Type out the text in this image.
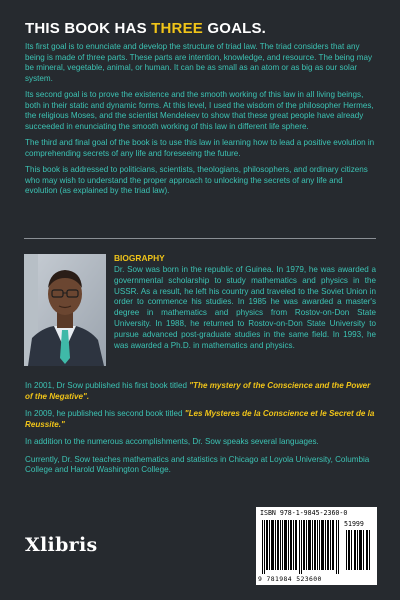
THIS BOOK HAS THREE GOALS.

Its first goal is to enunciate and develop the structure of triad law. The triad considers that any being is made of three parts. These parts are intention, knowledge, and resource. The being may be mineral, vegetable, animal, or human. It can be as small as an atom or as big as our solar system.

Its second goal is to prove the existence and the smooth working of this law in all living beings, both in their static and dynamic forms. At this level, I used the wisdom of the philosopher Hermes, the religious Moses, and the scientist Mendeleev to show that these great people have already succeeded in enunciating the smooth working of this law in different life sphere.

The third and final goal of the book is to use this law in learning how to lead a positive evolution in comprehending secrets of any life and foreseeing the future.

This book is addressed to politicians, scientists, theologians, philosophers, and ordinary citizens who may wish to understand the proper approach to unlocking the secrets of any life and evolution (as explained by the triad law).

BIOGRAPHY

Dr. Sow was born in the republic of Guinea. In 1979, he was awarded a governmental scholarship to study mathematics and physics in the USSR. As a result, he left his country and traveled to the Soviet Union in order to commence his studies. In 1985 he was awarded a master's degree in mathematics and physics from Rostov-on-Don State University. In 1988, he returned to Rostov-on-Don State University to pursue advanced post-graduate studies in the same field. In 1993, he was awarded a Ph.D. in mathematics and physics.

In 2001, Dr Sow published his first book titled "The mystery of the Conscience and the Power of the Negative".

In 2009, he published his second book titled "Les Mysteres de la Conscience et le Secret de la Reussite."

In addition to the numerous accomplishments, Dr. Sow speaks several languages.

Currently, Dr. Sow teaches mathematics and statistics in Chicago at Loyola University, Columbia College and Harold Washington College.

Xlibris
ISBN 978-1-9845-2360-0
51999
9 781984 523600
